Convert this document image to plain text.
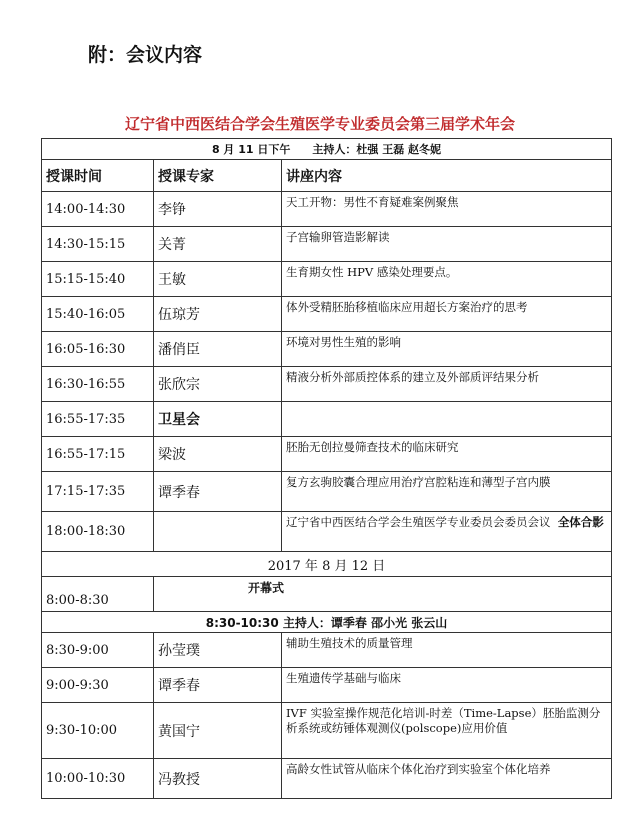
附：会议内容
辽宁省中西医结合学会生殖医学专业委员会第三届学术年会
8 月 11 日下午　　主持人：杜强 王磊 赵冬妮		
授课时间	授课专家	讲座内容
14:00-14:30	李铮	天工开物：男性不育疑难案例聚焦
14:30-15:15	关菁	子宫输卵管造影解读
15:15-15:40	王敏	生育期女性 HPV 感染处理要点。
15:40-16:05	伍琼芳	体外受精胚胎移植临床应用超长方案治疗的思考
16:05-16:30	潘俏臣	环境对男性生殖的影响
16:30-16:55	张欣宗	精液分析外部质控体系的建立及外部质评结果分析
16:55-17:35	卫星会	
16:55-17:15	梁波	胚胎无创拉曼筛查技术的临床研究
17:15-17:35	谭季春	复方玄驹胶囊合理应用治疗宫腔粘连和薄型子宫内膜
18:00-18:30		辽宁省中西医结合学会生殖医学专业委员会委员会议 全体合影
2017 年 8 月 12 日		
8:00-8:30	开幕式	
8:30-10:30 主持人：谭季春 邵小光 张云山		
8:30-9:00	孙莹璞	辅助生殖技术的质量管理
9:00-9:30	谭季春	生殖遗传学基础与临床
9:30-10:00	黄国宁	IVF 实验室操作规范化培训-时差（Time-Lapse）胚胎监测分析系统或纺锤体观测仪(polscope)应用价值
10:00-10:30	冯教授	高龄女性试管从临床个体化治疗到实验室个体化培养
